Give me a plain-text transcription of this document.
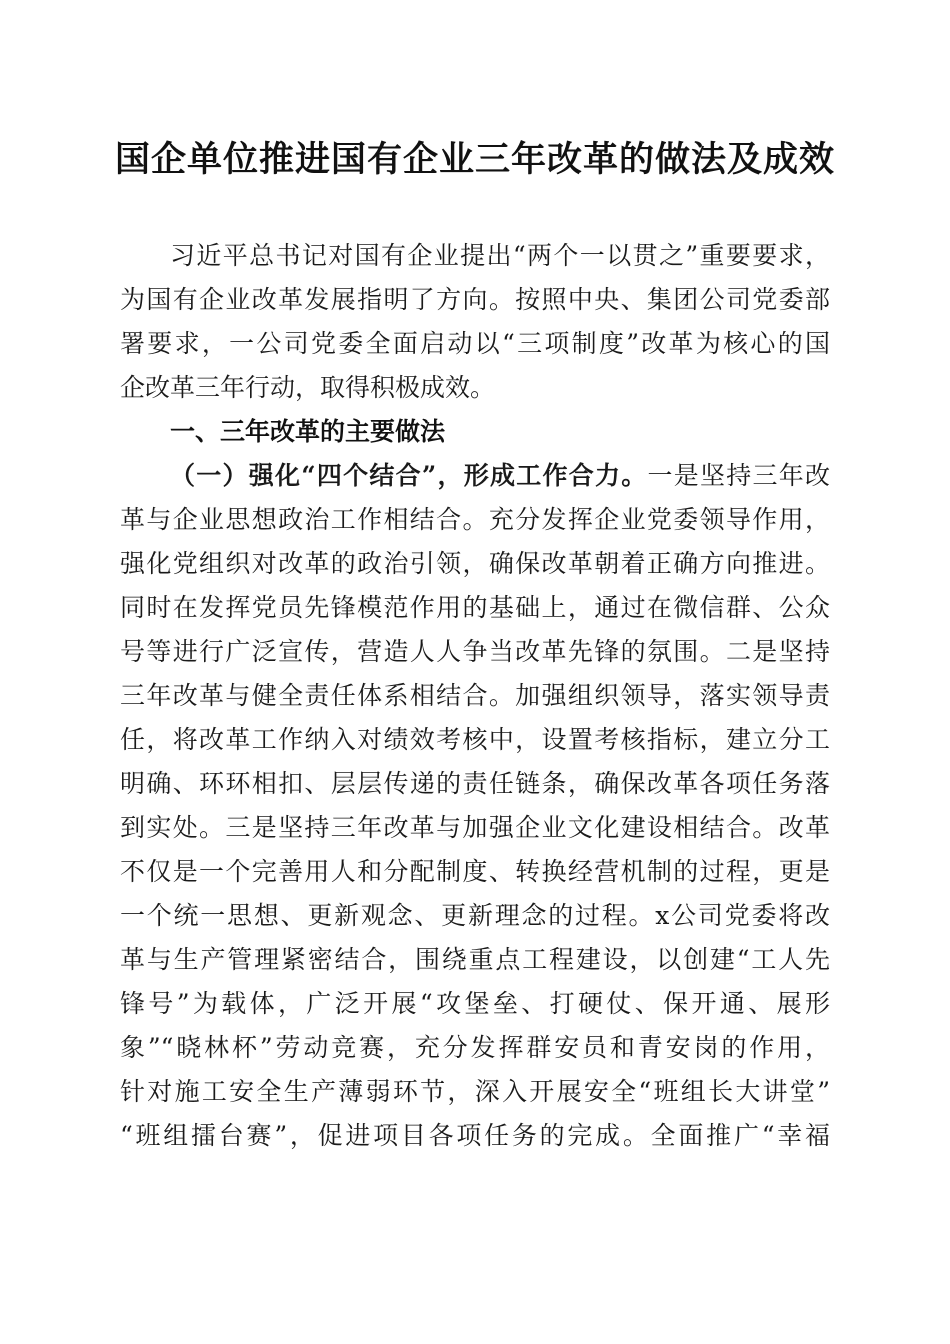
国企单位推进国有企业三年改革的做法及成效
习近平总书记对国有企业提出“两个一以贯之”重要要求，
为国有企业改革发展指明了方向。按照中央、集团公司党委部
署要求，一公司党委全面启动以“三项制度”改革为核心的国
企改革三年行动，取得积极成效。
一、三年改革的主要做法
（一）强化“四个结合”，形成工作合力。一是坚持三年改
革与企业思想政治工作相结合。充分发挥企业党委领导作用，
强化党组织对改革的政治引领，确保改革朝着正确方向推进。
同时在发挥党员先锋模范作用的基础上，通过在微信群、公众
号等进行广泛宣传，营造人人争当改革先锋的氛围。二是坚持
三年改革与健全责任体系相结合。加强组织领导，落实领导责
任，将改革工作纳入对绩效考核中，设置考核指标，建立分工
明确、环环相扣、层层传递的责任链条，确保改革各项任务落
到实处。三是坚持三年改革与加强企业文化建设相结合。改革
不仅是一个完善用人和分配制度、转换经营机制的过程，更是
一个统一思想、更新观念、更新理念的过程。x公司党委将改
革与生产管理紧密结合，围绕重点工程建设，以创建“工人先
锋号”为载体，广泛开展“攻堡垒、打硬仗、保开通、展形
象”“晓林杯”劳动竞赛，充分发挥群安员和青安岗的作用，
针对施工安全生产薄弱环节，深入开展安全“班组长大讲堂”
“班组擂台赛”，促进项目各项任务的完成。全面推广“幸福
